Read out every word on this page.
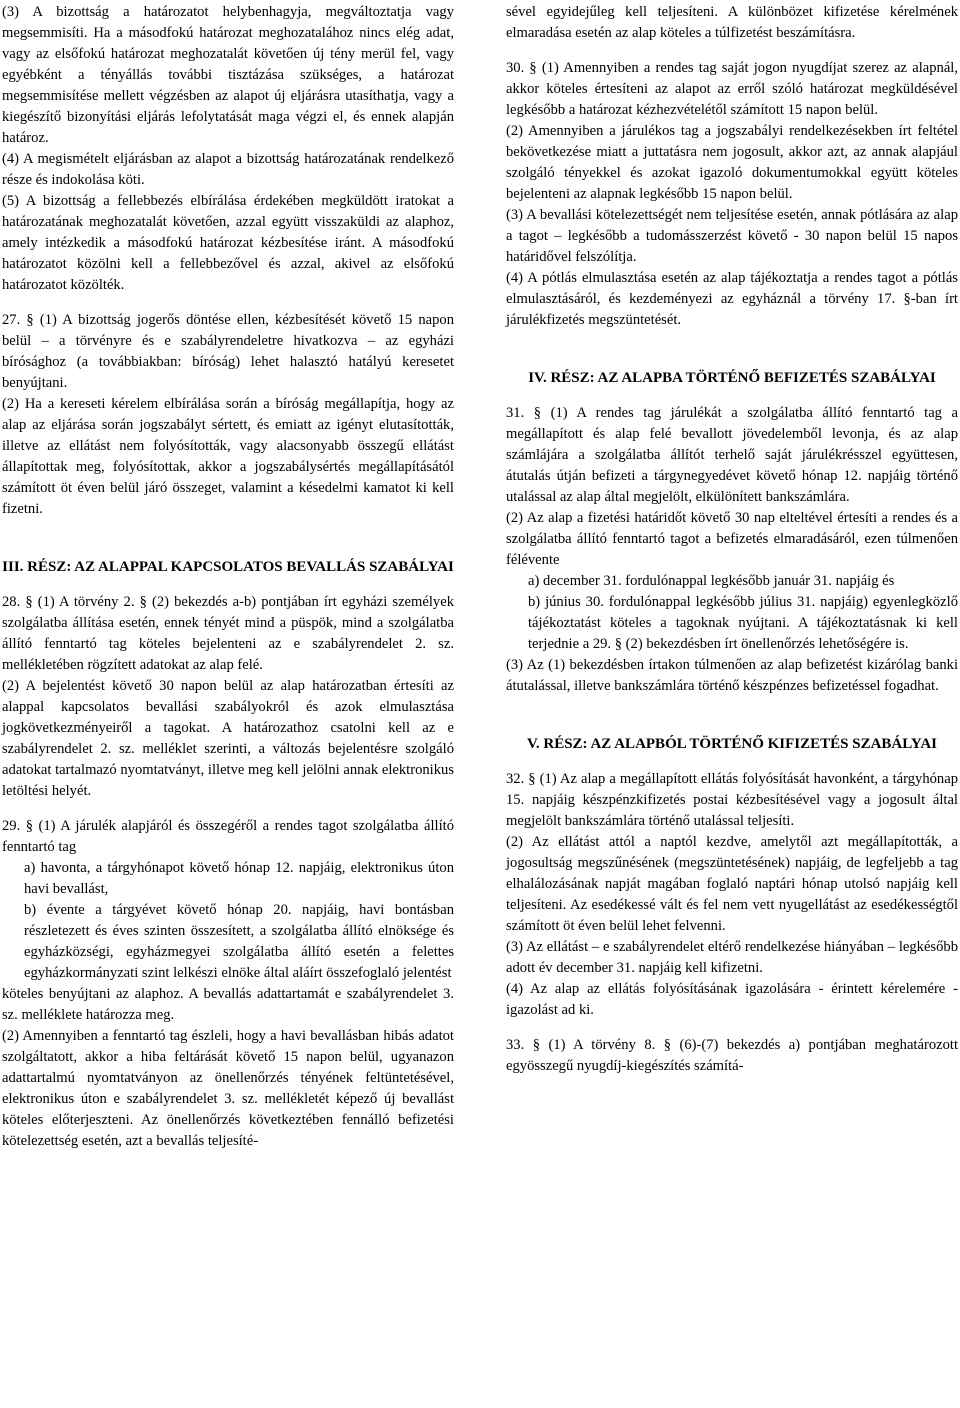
(3) A bizottság a határozatot helybenhagyja, megváltoztatja vagy megsemmisíti. Ha a másodfokú határozat meghozatalához nincs elég adat, vagy az elsőfokú határozat meghozatalát követően új tény merül fel, vagy egyébként a tényállás további tisztázása szükséges, a határozat megsemmisítése mellett végzésben az alapot új eljárásra utasíthatja, vagy a kiegészítő bizonyítási eljárás lefolytatását maga végzi el, és ennek alapján határoz.

(4) A megismételt eljárásban az alapot a bizottság határozatának rendelkező része és indokolása köti.

(5) A bizottság a fellebbezés elbírálása érdekében megküldött iratokat a határozatának meghozatalát követően, azzal együtt visszaküldi az alaphoz, amely intézkedik a másodfokú határozat kézbesítése iránt. A másodfokú határozatot közölni kell a fellebbezővel és azzal, akivel az elsőfokú határozatot közölték.

27. § (1) A bizottság jogerős döntése ellen, kézbesítését követő 15 napon belül – a törvényre és e szabályrendeletre hivatkozva – az egyházi bírósághoz (a továbbiakban: bíróság) lehet halasztó hatályú keresetet benyújtani.

(2) Ha a kereseti kérelem elbírálása során a bíróság megállapítja, hogy az alap az eljárása során jogszabályt sértett, és emiatt az igényt elutasították, illetve az ellátást nem folyósították, vagy alacsonyabb összegű ellátást állapítottak meg, folyósítottak, akkor a jogszabálysértés megállapításától számított öt éven belül járó összeget, valamint a késedelmi kamatot ki kell fizetni.

III. RÉSZ: AZ ALAPPAL KAPCSOLATOS BEVALLÁS SZABÁLYAI

28. § (1) A törvény 2. § (2) bekezdés a-b) pontjában írt egyházi személyek szolgálatba állítása esetén, ennek tényét mind a püspök, mind a szolgálatba állító fenntartó tag köteles bejelenteni az e szabályrendelet 2. sz. mellékletében rögzített adatokat az alap felé.

(2) A bejelentést követő 30 napon belül az alap határozatban értesíti az alappal kapcsolatos bevallási szabályokról és azok elmulasztása jogkövetkezményeiről a tagokat. A határozathoz csatolni kell az e szabályrendelet 2. sz. melléklet szerinti, a változás bejelentésre szolgáló adatokat tartalmazó nyomtatványt, illetve meg kell jelölni annak elektronikus letöltési helyét.

29. § (1) A járulék alapjáról és összegéről a rendes tagot szolgálatba állító fenntartó tag

a) havonta, a tárgyhónapot követő hónap 12. napjáig, elektronikus úton havi bevallást,

b) évente a tárgyévet követő hónap 20. napjáig, havi bontásban részletezett és éves szinten összesített, a szolgálatba állító elnöksége és egyházközségi, egyházmegyei szolgálatba állító esetén a felettes egyházkormányzati szint lelkészi elnöke által aláírt összefoglaló jelentést

köteles benyújtani az alaphoz. A bevallás adattartamát e szabályrendelet 3. sz. melléklete határozza meg.

(2) Amennyiben a fenntartó tag észleli, hogy a havi bevallásban hibás adatot szolgáltatott, akkor a hiba feltárását követő 15 napon belül, ugyanazon adattartalmú nyomtatványon az önellenőrzés tényének feltüntetésével, elektronikus úton e szabályrendelet 3. sz. mellékletét képező új bevallást köteles előterjeszteni. Az önellenőrzés következtében fennálló befizetési kötelezettség esetén, azt a bevallás teljesíté-

sével egyidejűleg kell teljesíteni. A különbözet kifizetése kérelmének elmaradása esetén az alap köteles a túlfizetést beszámításra.

30. § (1) Amennyiben a rendes tag saját jogon nyugdíjat szerez az alapnál, akkor köteles értesíteni az alapot az erről szóló határozat megküldésével legkésőbb a határozat kézhezvételétől számított 15 napon belül.

(2) Amennyiben a járulékos tag a jogszabályi rendelkezésekben írt feltétel bekövetkezése miatt a juttatásra nem jogosult, akkor azt, az annak alapjául szolgáló tényekkel és azokat igazoló dokumentumokkal együtt köteles bejelenteni az alapnak legkésőbb 15 napon belül.

(3) A bevallási kötelezettségét nem teljesítése esetén, annak pótlására az alap a tagot – legkésőbb a tudomásszerzést követő - 30 napon belül 15 napos határidővel felszólítja.

(4) A pótlás elmulasztása esetén az alap tájékoztatja a rendes tagot a pótlás elmulasztásáról, és kezdeményezi az egyháznál a törvény 17. §-ban írt járulékfizetés megszüntetését.

IV. RÉSZ: AZ ALAPBA TÖRTÉNŐ BEFIZETÉS SZABÁLYAI

31. § (1) A rendes tag járulékát a szolgálatba állító fenntartó tag a megállapított és alap felé bevallott jövedelemből levonja, és az alap számlájára a szolgálatba állítót terhelő saját járulékrésszel együttesen, átutalás útján befizeti a tárgynegyedévet követő hónap 12. napjáig történő utalással az alap által megjelölt, elkülönített bankszámlára.

(2) Az alap a fizetési határidőt követő 30 nap elteltével értesíti a rendes és a szolgálatba állító fenntartó tagot a befizetés elmaradásáról, ezen túlmenően félévente

a) december 31. fordulónappal legkésőbb január 31. napjáig és

b) június 30. fordulónappal legkésőbb július 31. napjáig) egyenlegközlő tájékoztatást köteles a tagoknak nyújtani. A tájékoztatásnak ki kell terjednie a 29. § (2) bekezdésben írt önellenőrzés lehetőségére is.

(3) Az (1) bekezdésben írtakon túlmenően az alap befizetést kizárólag banki átutalással, illetve bankszámlára történő készpénzes befizetéssel fogadhat.

V. RÉSZ: AZ ALAPBÓL TÖRTÉNŐ KIFIZETÉS SZABÁLYAI

32. § (1) Az alap a megállapított ellátás folyósítását havonként, a tárgyhónap 15. napjáig készpénzkifizetés postai kézbesítésével vagy a jogosult által megjelölt bankszámlára történő utalással teljesíti.

(2) Az ellátást attól a naptól kezdve, amelytől azt megállapították, a jogosultság megszűnésének (megszüntetésének) napjáig, de legfeljebb a tag elhalálozásának napját magában foglaló naptári hónap utolsó napjáig kell teljesíteni. Az esedékessé vált és fel nem vett nyugellátást az esedékességtől számított öt éven belül lehet felvenni.

(3) Az ellátást – e szabályrendelet eltérő rendelkezése hiányában – legkésőbb adott év december 31. napjáig kell kifizetni.

(4) Az alap az ellátás folyósításának igazolására - érintett kérelemére - igazolást ad ki.

33. § (1) A törvény 8. § (6)-(7) bekezdés a) pontjában meghatározott egyösszegű nyugdíj-kiegészítés számítá-
